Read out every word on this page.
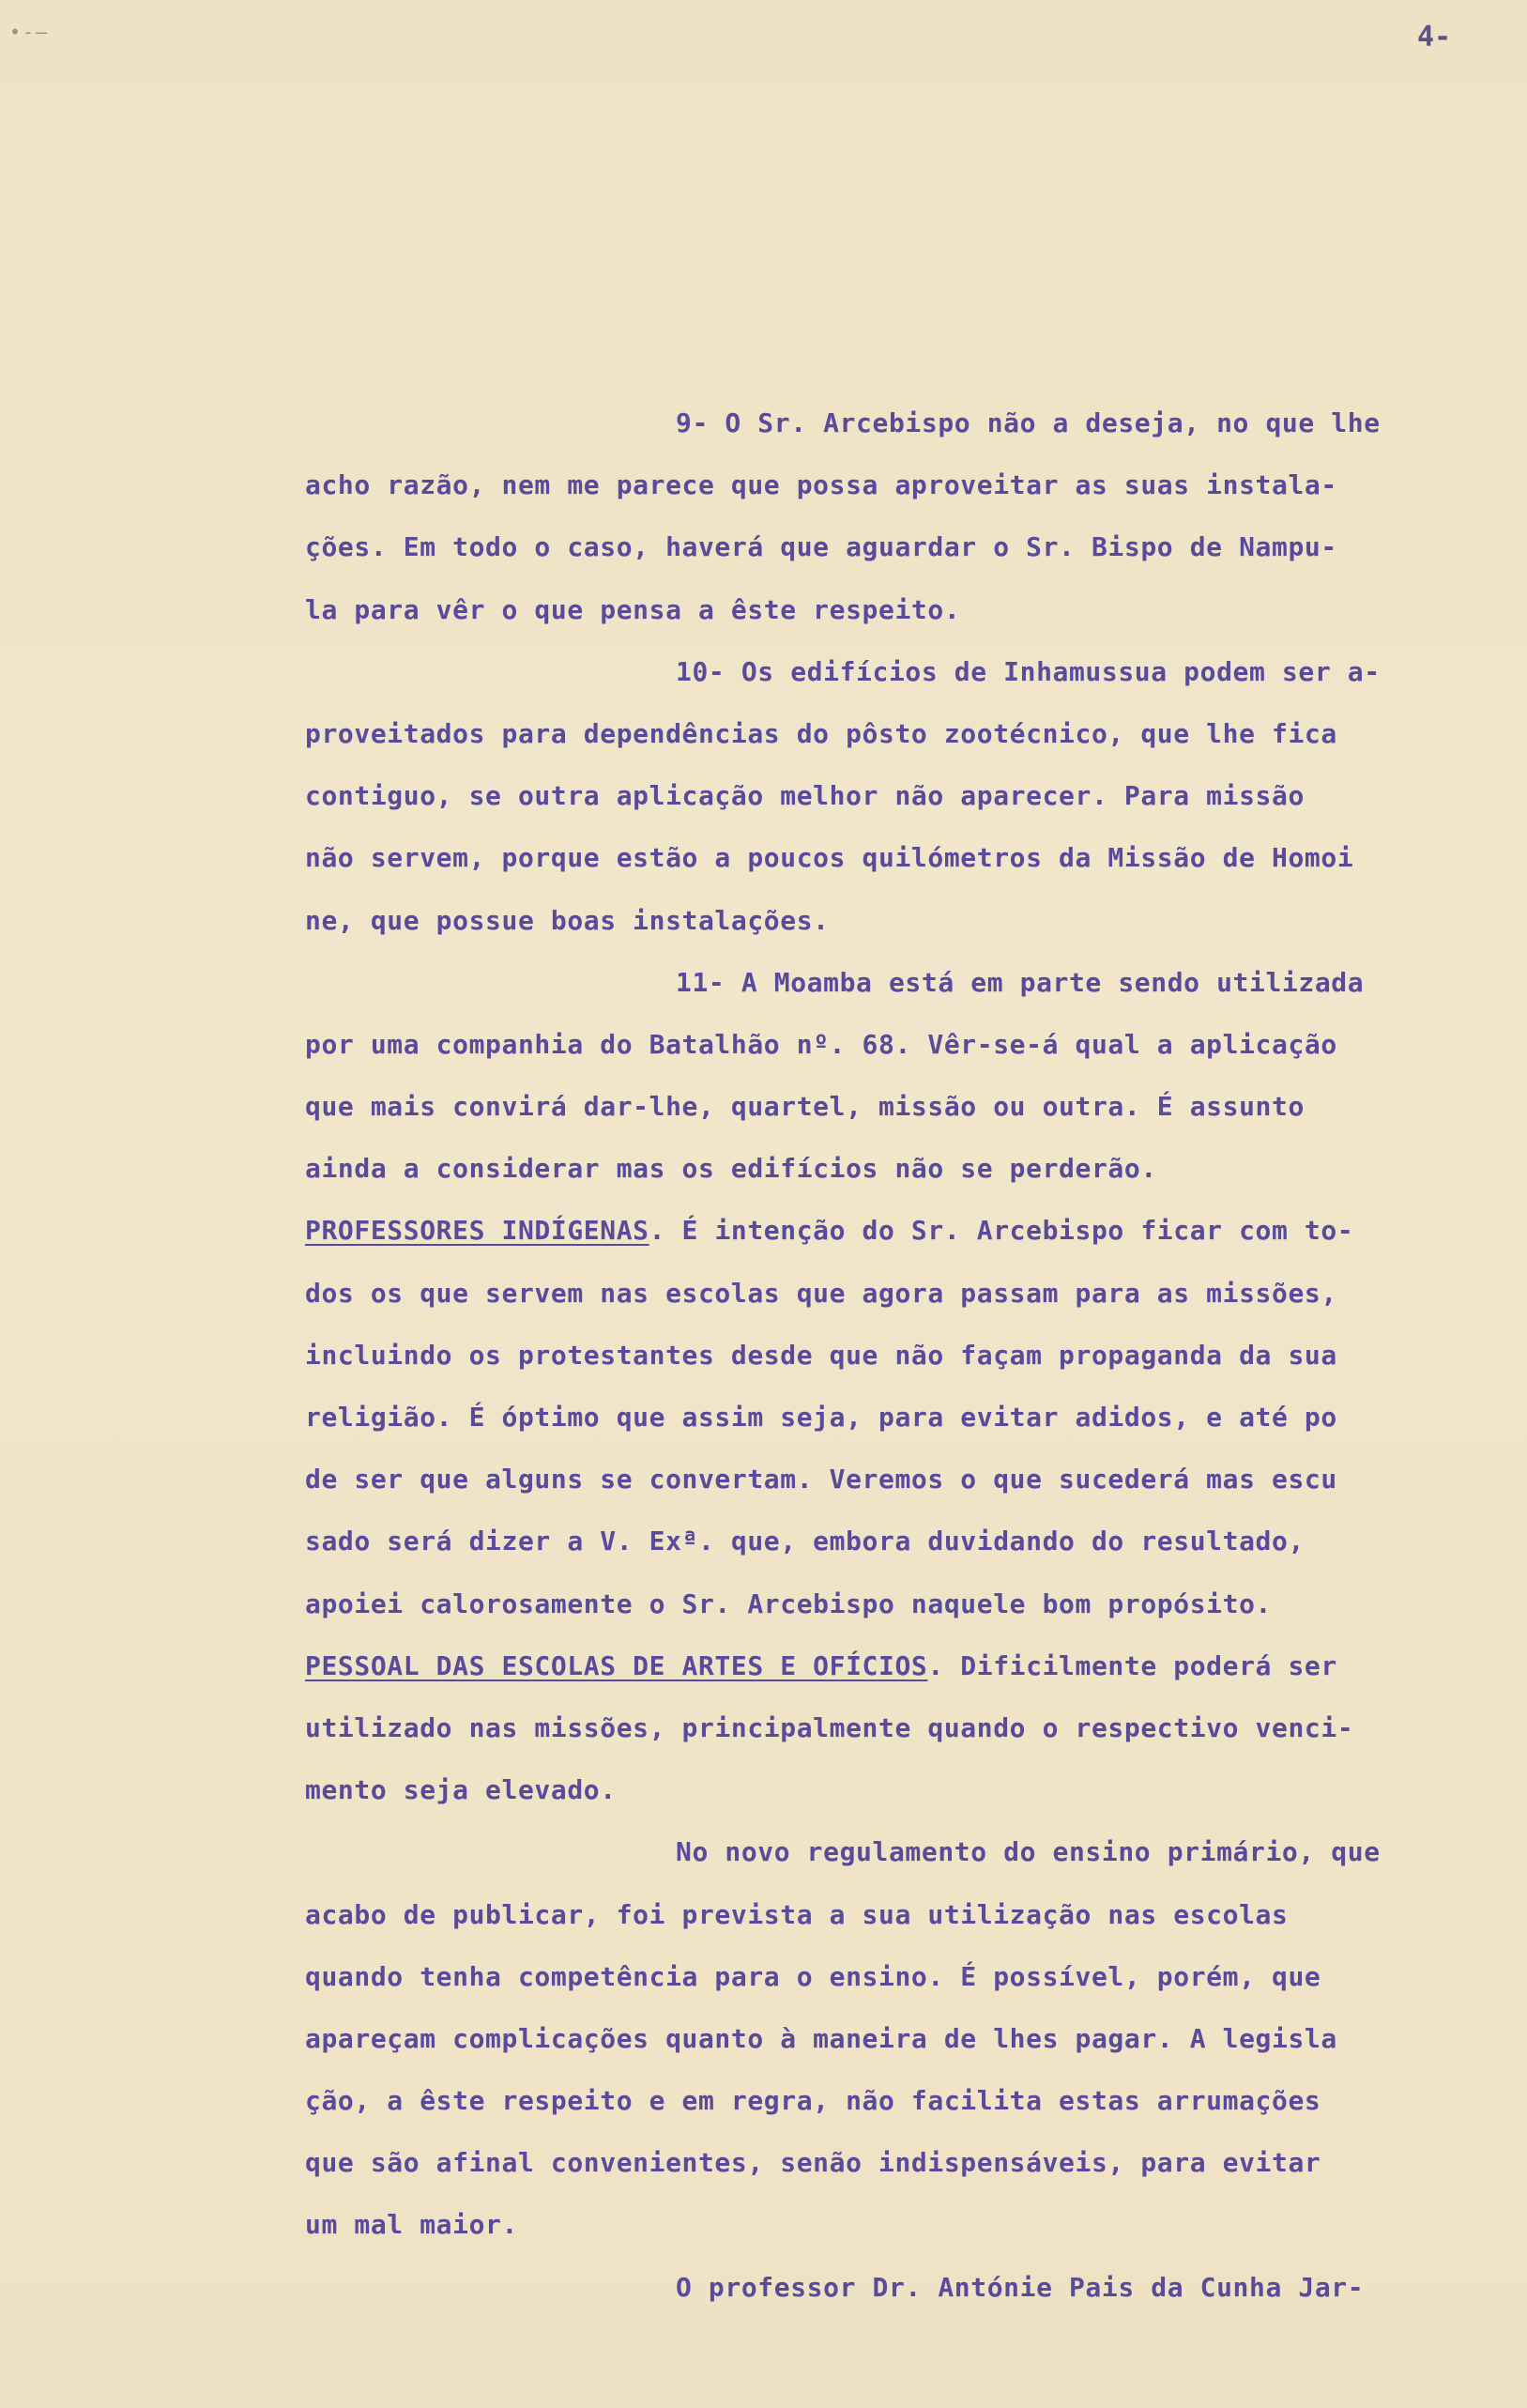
•-–	4-
9- O Sr. Arcebispo não a deseja, no que lhe
acho razão, nem me parece que possa aproveitar as suas instala-
ções. Em todo o caso, haverá que aguardar o Sr. Bispo de Nampu-
la para vêr o que pensa a êste respeito.
10- Os edifícios de Inhamussua podem ser a-
proveitados para dependências do pôsto zootécnico, que lhe fica
contiguo, se outra aplicação melhor não aparecer. Para missão
não servem, porque estão a poucos quilómetros da Missão de Homoi
ne, que possue boas instalações.
11- A Moamba está em parte sendo utilizada
por uma companhia do Batalhão nº. 68. Vêr-se-á qual a aplicação
que mais convirá dar-lhe, quartel, missão ou outra. É assunto
ainda a considerar mas os edifícios não se perderão.
PROFESSORES INDÍGENAS. É intenção do Sr. Arcebispo ficar com to-
dos os que servem nas escolas que agora passam para as missões,
incluindo os protestantes desde que não façam propaganda da sua
religião. É óptimo que assim seja, para evitar adidos, e até po
de ser que alguns se convertam. Veremos o que sucederá mas escu
sado será dizer a V. Exª. que, embora duvidando do resultado,
apoiei calorosamente o Sr. Arcebispo naquele bom propósito.
PESSOAL DAS ESCOLAS DE ARTES E OFÍCIOS. Dificilmente poderá ser
utilizado nas missões, principalmente quando o respectivo venci-
mento seja elevado.
No novo regulamento do ensino primário, que
acabo de publicar, foi prevista a sua utilização nas escolas
quando tenha competência para o ensino. É possível, porém, que
apareçam complicações quanto à maneira de lhes pagar. A legisla
ção, a êste respeito e em regra, não facilita estas arrumações
que são afinal convenientes, senão indispensáveis, para evitar
um mal maior.
O professor Dr. Antónie Pais da Cunha Jar-
